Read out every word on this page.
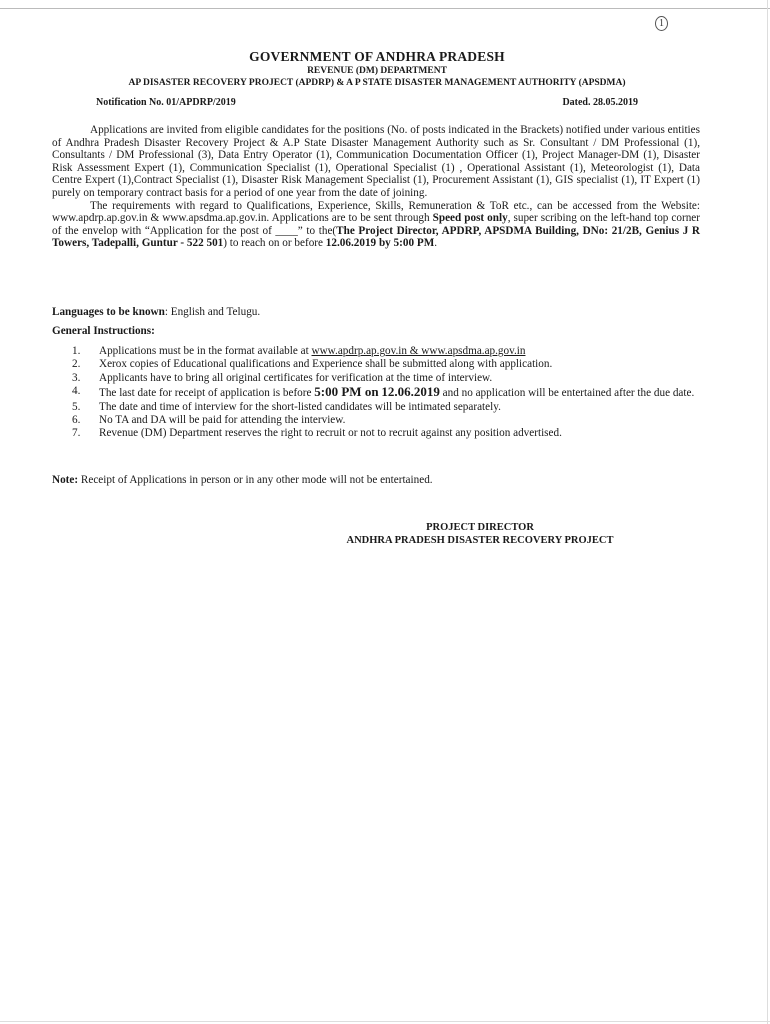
1
GOVERNMENT OF ANDHRA PRADESH
REVENUE (DM) DEPARTMENT
AP DISASTER RECOVERY PROJECT (APDRP) & A P STATE DISASTER MANAGEMENT AUTHORITY (APSDMA)
Notification No. 01/APDRP/2019	Dated. 28.05.2019

Applications are invited from eligible candidates for the positions (No. of posts indicated in the Brackets) notified under various entities of Andhra Pradesh Disaster Recovery Project & A.P State Disaster Management Authority such as Sr. Consultant / DM Professional (1), Consultants / DM Professional (3), Data Entry Operator (1), Communication Documentation Officer (1), Project Manager-DM (1), Disaster Risk Assessment Expert (1), Communication Specialist (1), Operational Specialist (1) , Operational Assistant (1), Meteorologist (1), Data Centre Expert (1),Contract Specialist (1), Disaster Risk Management Specialist (1), Procurement Assistant (1), GIS specialist (1), IT Expert (1) purely on temporary contract basis for a period of one year from the date of joining.

The requirements with regard to Qualifications, Experience, Skills, Remuneration & ToR etc., can be accessed from the Website: www.apdrp.ap.gov.in & www.apsdma.ap.gov.in. Applications are to be sent through Speed post only, super scribing on the left-hand top corner of the envelop with “Application for the post of ____” to the(The Project Director, APDRP, APSDMA Building, DNo: 21/2B, Genius J R Towers, Tadepalli, Guntur - 522 501) to reach on or before 12.06.2019 by 5:00 PM.

Languages to be known: English and Telugu.
General Instructions:
1.	Applications must be in the format available at www.apdrp.ap.gov.in & www.apsdma.ap.gov.in
2.	Xerox copies of Educational qualifications and Experience shall be submitted along with application.
3.	Applicants have to bring all original certificates for verification at the time of interview.
4.	The last date for receipt of application is before 5:00 PM on 12.06.2019 and no application will be entertained after the due date.
5.	The date and time of interview for the short-listed candidates will be intimated separately.
6.	No TA and DA will be paid for attending the interview.
7.	Revenue (DM) Department reserves the right to recruit or not to recruit against any position advertised.
Note: Receipt of Applications in person or in any other mode will not be entertained.
PROJECT DIRECTOR
ANDHRA PRADESH DISASTER RECOVERY PROJECT
